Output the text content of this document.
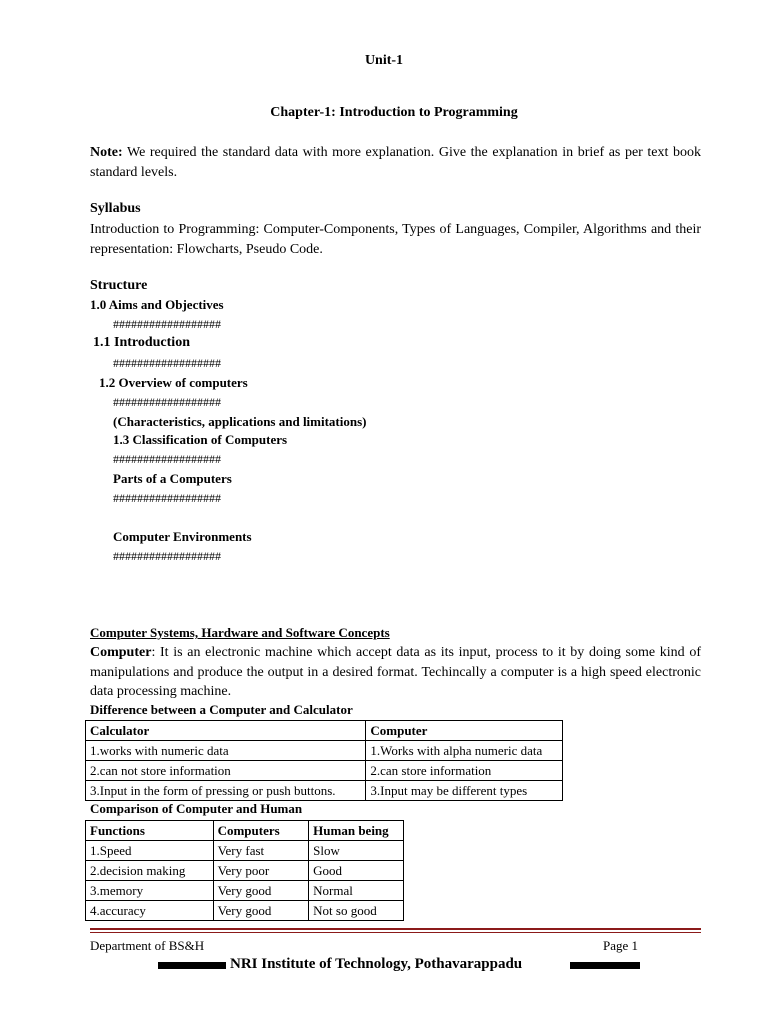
Unit-1
Chapter-1: Introduction to Programming
Note: We required the standard data with more explanation. Give the explanation in brief as per text book standard levels.
Syllabus
Introduction to Programming: Computer-Components, Types of Languages, Compiler, Algorithms and their representation: Flowcharts, Pseudo Code.
Structure
1.0 Aims and Objectives
##################
1.1 Introduction
##################
1.2 Overview of computers
##################
(Characteristics, applications and limitations)
1.3 Classification of Computers
##################
Parts of a Computers
##################
Computer Environments
##################
Computer Systems, Hardware and Software Concepts
Computer: It is an electronic machine which accept data as its input, process to it by doing some kind of manipulations and produce the output in a desired format. Techincally a computer is a high speed electronic data processing machine.
Difference between a Computer and Calculator
Calculator	Computer
1.works with numeric data	1.Works with alpha numeric data
2.can not store information	2.can store information
3.Input in the form of pressing or push buttons.	3.Input may be different types
Comparison of Computer and Human
Functions	Computers	Human being
1.Speed	Very fast	Slow
2.decision making	Very poor	Good
3.memory	Very good	Normal
4.accuracy	Very good	Not so good
Department of BS&H	Page 1
NRI Institute of Technology, Pothavarappadu
